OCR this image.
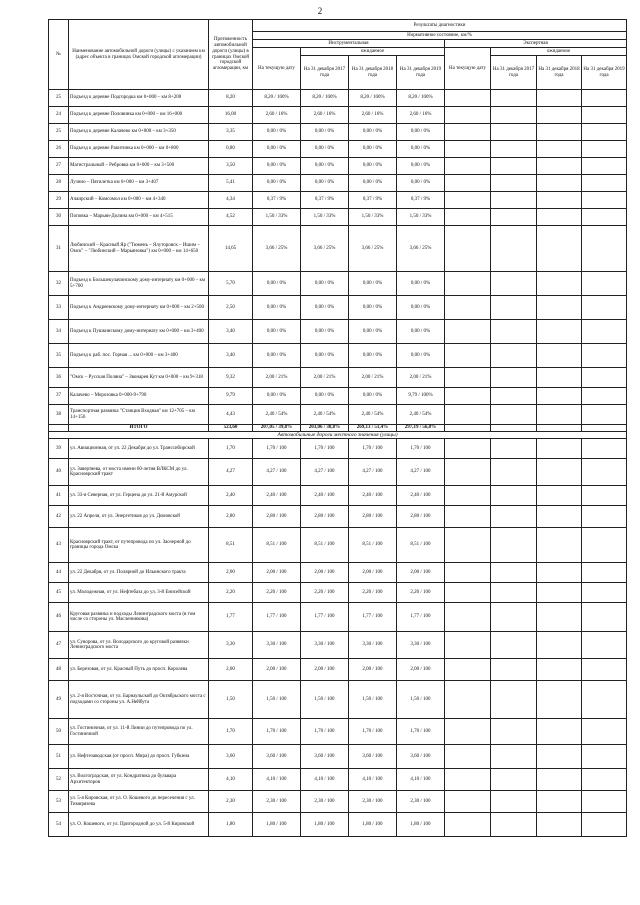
2
№	Наименование автомобильной дороги (улицы) с указанием км (адрес объекта в границах Омской городской агломерации)	Протяженность автомобильной дороги (улицы) в границах Омской городской агломерации, км	Результаты диагностики							
			Нормативное состояние, км/%							
			Инструментальная				Экспертная			
			На текущую дату	ожидаемое			На текущую дату	ожидаемое		
				На 31 декабря 2017 года	На 31 декабря 2018 года	На 31 декабря 2019 года		На 31 декабря 2017 года	На 31 декабря 2018 года	На 31 декабря 2019 года
25	Подъезд к деревне Подгородка км 0+000 – км 8+200	8,20	8,20 / 100%	8,20 / 100%	8,20 / 100%	8,20 / 100%				
24	Подъезд к деревне Половинка км 0+000 – км 16+000	16,00	2,60 / 16%	2,60 / 16%	2,60 / 16%	2,60 / 16%				
25	Подъезд к деревне Калачево км 0+000 – км 3+350	3,35	0,00 / 0%	0,00 / 0%	0,00 / 0%	0,00 / 0%				
26	Подъезд к деревне Ракитинка км 0+000 – км 0+800	0,80	0,00 / 0%	0,00 / 0%	0,00 / 0%	0,00 / 0%				
27	Магистральный – Ребровка км 0+000 – км 3+500	3,50	0,00 / 0%	0,00 / 0%	0,00 / 0%	0,00 / 0%				
28	Лузино – Пятилетка км 0+000 – км 3+407	5,41	0,00 / 0%	0,00 / 0%	0,00 / 0%	0,00 / 0%				
29	Ачаирский – Комсомол км 0+000 – км 4+340	4,34	0,37 / 9%	0,37 / 9%	0,37 / 9%	0,37 / 9%				
30	Поповка – Марьян-Долина км 0+000 – км 4+515	4,52	1,50 / 33%	1,50 / 33%	1,50 / 33%	1,50 / 33%				
31	Любинский – Красный Яр ("Тюмень – Ялуторовск – Ишим – Омск" – "Любинский – Марьяновка") км 0+000 – км 14+650	14,65	3,66 / 25%	3,66 / 25%	3,66 / 25%	3,66 / 25%				
32	Подъезд к Большекулачинскому дому-интернату км 0+000 – км 5+700	5,70	0,00 / 0%	0,00 / 0%	0,00 / 0%	0,00 / 0%				
33	Подъезд к Андреевскому дому-интернату км 0+000 – км 2+500	2,50	0,00 / 0%	0,00 / 0%	0,00 / 0%	0,00 / 0%				
34	Подъезд к Пушкинскому дому-интернату км 0+000 – км 3+400	3,40	0,00 / 0%	0,00 / 0%	0,00 / 0%	0,00 / 0%				
35	Подъезд к раб. пос. Горная ... км 0+000 – км 3+400	3,40	0,00 / 0%	0,00 / 0%	0,00 / 0%	0,00 / 0%				
36	"Омск – Русская Поляна" – Звонарев Кут км 0+000 – км 9+318	9,32	2,00 / 21%	2,00 / 21%	2,00 / 21%	2,00 / 21%				
37	Калачево – Морозовка 0+000-9+790	9,79	0,00 / 0%	0,00 / 0%	0,00 / 0%	9,79 / 100%				
38	Транспортная развязка "Станция Входная" км 12+705 – км 14+156	4,43	2,40 / 54%	2,40 / 54%	2,40 / 54%	2,40 / 54%				
	ИТОГО	523,60	207,05 / 39,8%	203,06 / 38,8%	269,13 / 51,4%	297,19 / 56,8%				
Автомобильные дороги местного значения (улицы)										
39	ул. Авиационная, от ул. 22 Декабря до ул. Транссибирской	1,70	1,70 / 100	1,70 / 100	1,70 / 100	1,70 / 100				
40	ул. Завертяева, от моста имени 60-летия ВЛКСМ до ул. Красноярский тракт	4,27	4,27 / 100	4,27 / 100	4,27 / 100	4,27 / 100				
41	ул. 33-я Северная, от ул. Герцена до ул. 21-й Амурской	2,40	2,40 / 100	2,40 / 100	2,40 / 100	2,40 / 100				
42	ул. 22 Апреля, от ул. Энергетиков до ул. Домовской	2,80	2,80 / 100	2,80 / 100	2,80 / 100	2,80 / 100				
43	Красноярский тракт, от путепровода по ул. Заозерной до границы города Омска	8,51	8,51 / 100	8,51 / 100	8,51 / 100	8,51 / 100				
44	ул. 22 Декабря, от ул. Полярной до Ильинского тракта	2,00	2,00 / 100	2,00 / 100	2,00 / 100	2,00 / 100				
45	ул. Молодежная, от ул. Нефтебаза до ул. 3-й Енисейской	2,20	2,20 / 100	2,20 / 100	2,20 / 100	2,20 / 100				
46	Круговая развязка и подходы Ленинградского моста (в том числе со стороны ул. Масленникова)	1,77	1,77 / 100	1,77 / 100	1,77 / 100	1,77 / 100				
47	ул. Суворова, от ул. Володарского до круговой развязки Ленинградского моста	3,30	3,30 / 100	3,30 / 100	3,30 / 100	3,30 / 100				
48	ул. Березовая, от ул. Красный Путь до просп. Королева	2,00	2,00 / 100	2,00 / 100	2,00 / 100	2,00 / 100				
49	ул. 2-я Восточная, от ул. Барнаульской до Октябрьского моста с подходами со стороны ул. А.Нейбута	1,50	1,50 / 100	1,50 / 100	1,50 / 100	1,50 / 100				
50	ул. Гостиничная, от ул. 11-й Линии до путепровода по ул. Гостиничной	1,70	1,70 / 100	1,70 / 100	1,70 / 100	1,70 / 100				
51	ул. Нефтезаводская (от просп. Мира) до просп. Губкина	3,60	3,60 / 100	3,60 / 100	3,60 / 100	3,60 / 100				
52	ул. Волгоградская, от ул. Кондратюка до бульвара Архитекторов	4,10	4,10 / 100	4,10 / 100	4,10 / 100	4,10 / 100				
53	ул. 5-я Кировская, от ул. О. Кошевого до пересечения с ул. Тимирязева	2,30	2,30 / 100	2,30 / 100	2,30 / 100	2,30 / 100				
54	ул. О. Кошевого, от ул. Пригородной до ул. 5-й Кировской	1,80	1,80 / 100	1,80 / 100	1,80 / 100	1,80 / 100				
